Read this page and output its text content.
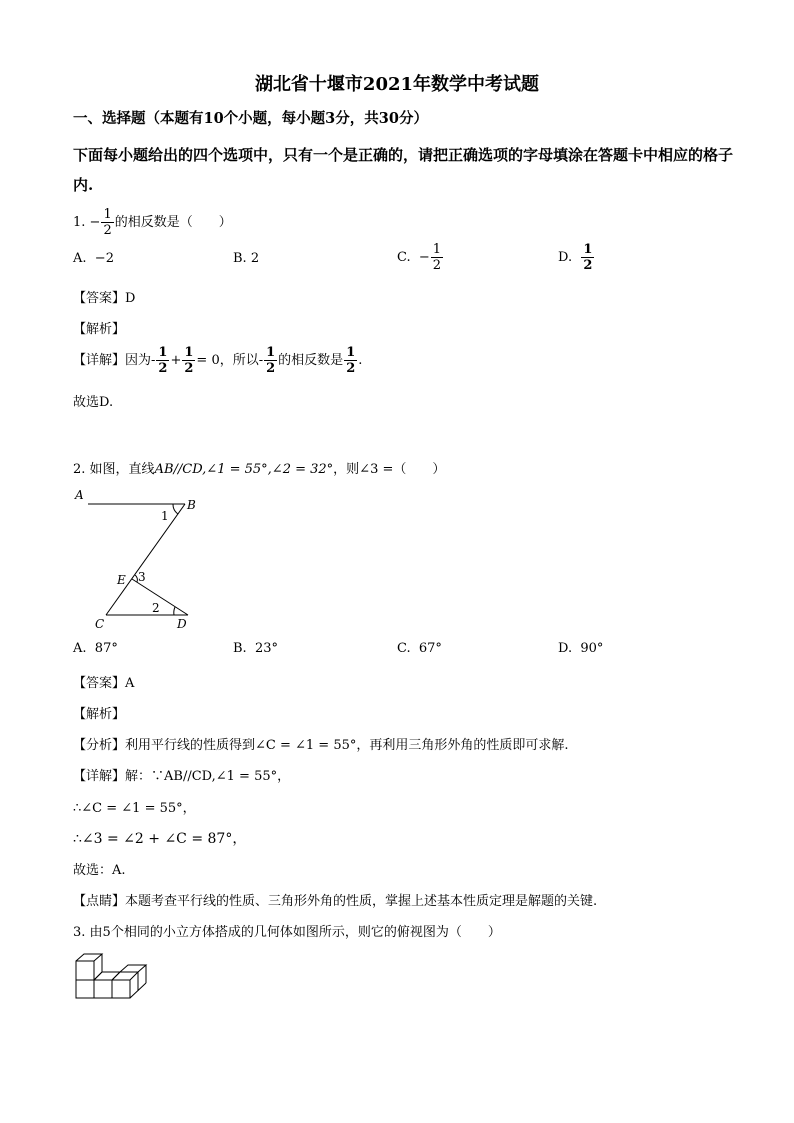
湖北省十堰市2021年数学中考试题
一、选择题（本题有10个小题，每小题3分，共30分）
下面每小题给出的四个选项中，只有一个是正确的，请把正确选项的字母填涂在答题卡中相应的格子内.
1. − $\frac{1}{2}$ 的相反数是（　　）
A. −2	B. 2	C. − $\frac{1}{2}$	D. $\frac{1}{2}$
【答案】D
【解析】
【详解】因为- $\frac{1}{2} + \frac{1}{2} = 0$，所以- $\frac{1}{2}$ 的相反数是 $\frac{1}{2}$ .
故选D.
2. 如图，直线AB//CD,∠1 = 55°,∠2 = 32°，则∠3 =（　　）
A
B
C	D
E
1
2
3
A. 87°	B. 23°	C. 67°	D. 90°
【答案】A
【解析】
【分析】利用平行线的性质得到∠C = ∠1 = 55°，再利用三角形外角的性质即可求解.
【详解】解：∵AB//CD,∠1 = 55°，
∴∠C = ∠1 = 55°，
∴∠3 = ∠2 + ∠C = 87°，
故选：A.
【点睛】本题考查平行线的性质、三角形外角的性质，掌握上述基本性质定理是解题的关键.
3. 由5个相同的小立方体搭成的几何体如图所示，则它的俯视图为（　　）
